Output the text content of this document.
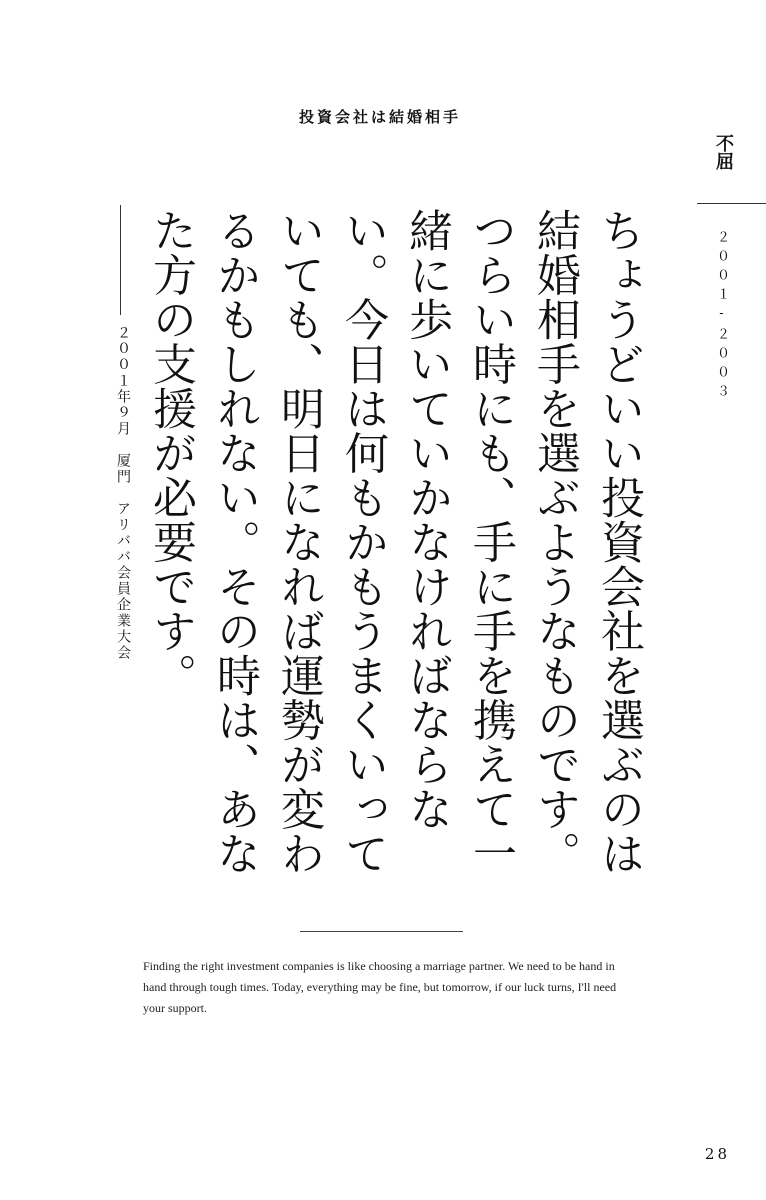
投資会社は結婚相手
不屈
２００１-２００３
ちょうどいい投資会社を選ぶのは結婚相手を選ぶようなものです。つらい時にも、手に手を携えて一緒に歩いていかなければならない。今日は何もかもうまくいっていても、明日になれば運勢が変わるかもしれない。その時は、あなた方の支援が必要です。
２００１年９月　厦門　アリババ会員企業大会
Finding the right investment companies is like choosing a marriage partner. We need to be hand in hand through tough times. Today, everything may be fine, but tomorrow, if our luck turns, I'll need your support.
28
